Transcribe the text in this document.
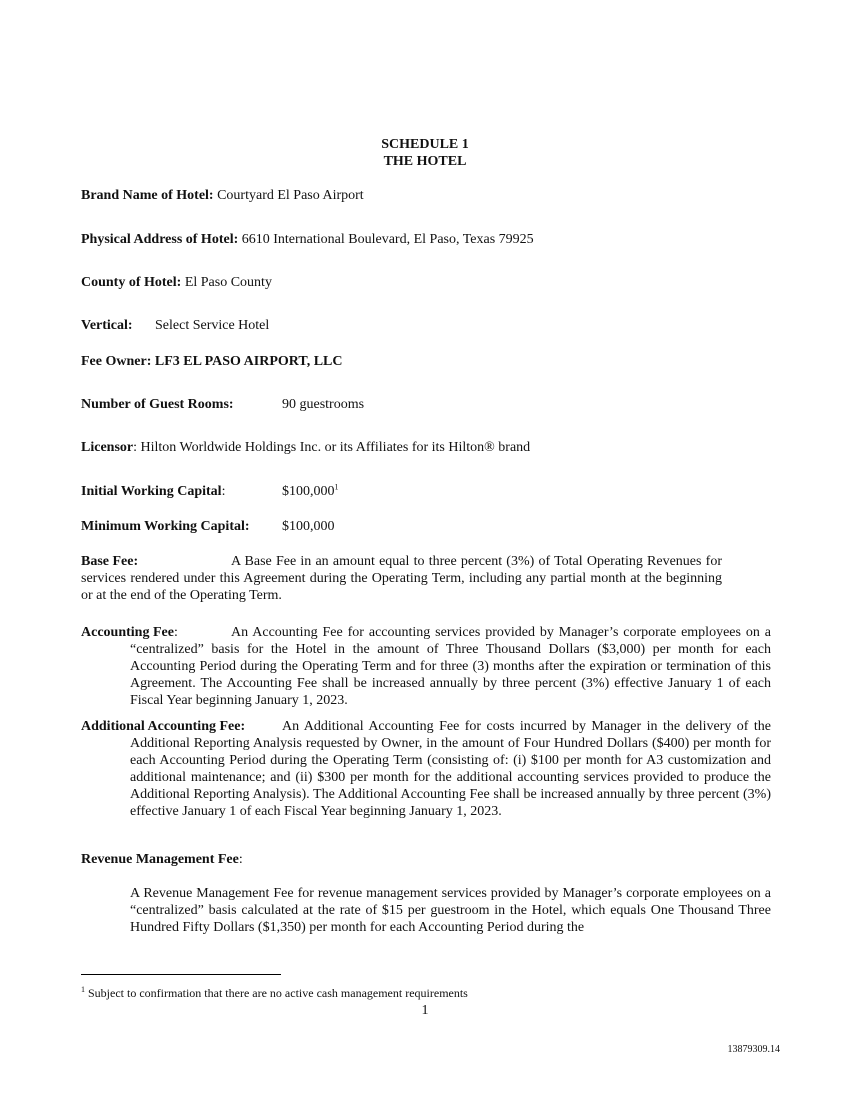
SCHEDULE 1
THE HOTEL
Brand Name of Hotel: Courtyard El Paso Airport
Physical Address of Hotel: 6610 International Boulevard, El Paso, Texas 79925
County of Hotel: El Paso County
Vertical: Select Service Hotel
Fee Owner: LF3 EL PASO AIRPORT, LLC
Number of Guest Rooms:	90 guestrooms
Licensor: Hilton Worldwide Holdings Inc. or its Affiliates for its Hilton® brand
Initial Working Capital:	$100,000$^1$
Minimum Working Capital: $100,000
Base Fee:	A Base Fee in an amount equal to three percent (3%) of Total Operating Revenues for services rendered under this Agreement during the Operating Term, including any partial month at the beginning or at the end of the Operating Term.
Accounting Fee:	An Accounting Fee for accounting services provided by Manager’s corporate employees on a “centralized” basis for the Hotel in the amount of Three Thousand Dollars ($3,000) per month for each Accounting Period during the Operating Term and for three (3) months after the expiration or termination of this Agreement. The Accounting Fee shall be increased annually by three percent (3%) effective January 1 of each Fiscal Year beginning January 1, 2023.
Additional Accounting Fee:	An Additional Accounting Fee for costs incurred by Manager in the delivery of the Additional Reporting Analysis requested by Owner, in the amount of Four Hundred Dollars ($400) per month for each Accounting Period during the Operating Term (consisting of: (i) $100 per month for A3 customization and additional maintenance; and (ii) $300 per month for the additional accounting services provided to produce the Additional Reporting Analysis). The Additional Accounting Fee shall be increased annually by three percent (3%) effective January 1 of each Fiscal Year beginning January 1, 2023.
Revenue Management Fee:
A Revenue Management Fee for revenue management services provided by Manager’s corporate employees on a “centralized” basis calculated at the rate of $15 per guestroom in the Hotel, which equals One Thousand Three Hundred Fifty Dollars ($1,350) per month for each Accounting Period during the
$^1$ Subject to confirmation that there are no active cash management requirements
1
13879309.14
